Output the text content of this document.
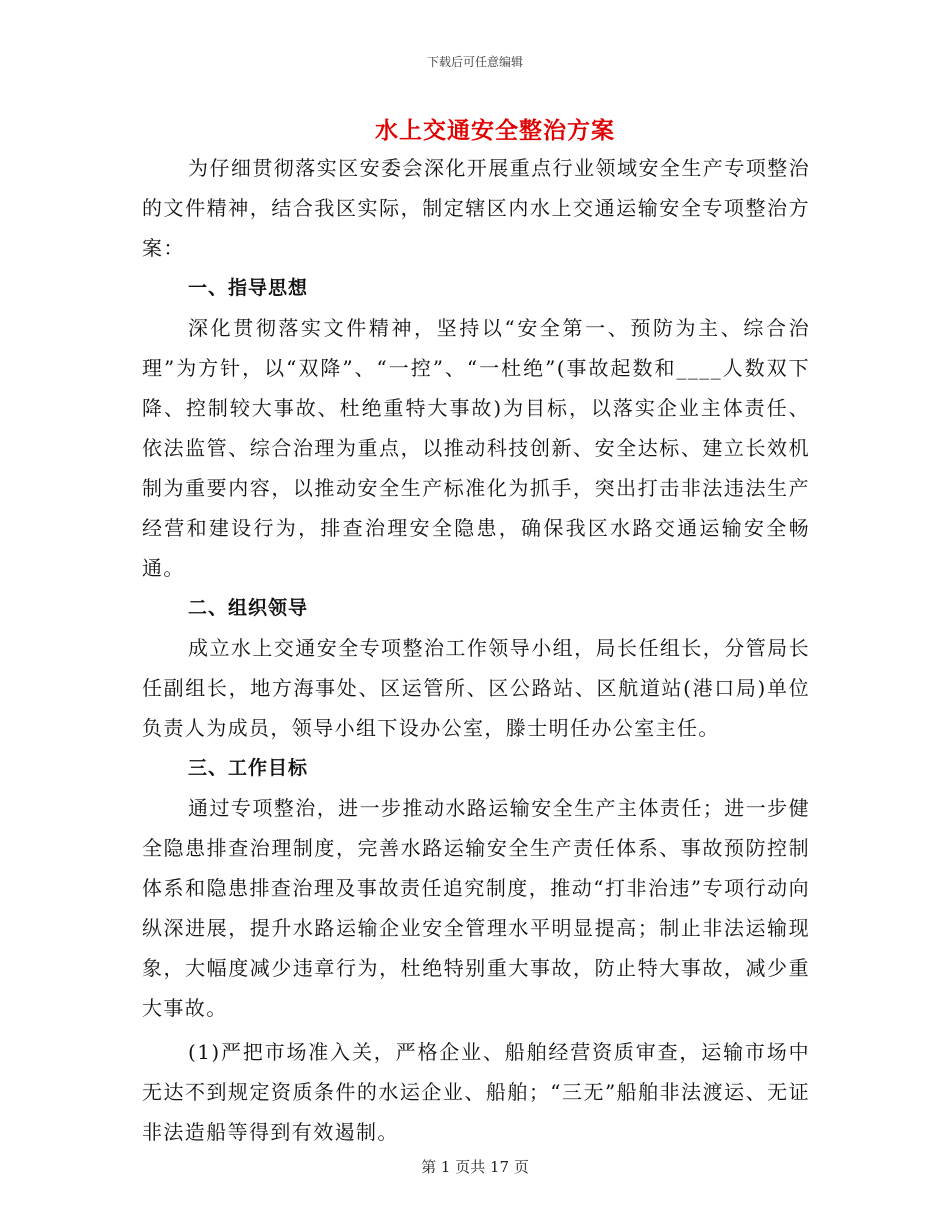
下载后可任意编辑
水上交通安全整治方案

为仔细贯彻落实区安委会深化开展重点行业领域安全生产专项整治的文件精神，结合我区实际，制定辖区内水上交通运输安全专项整治方案：

一、指导思想

深化贯彻落实文件精神，坚持以“安全第一、预防为主、综合治理”为方针，以“双降”、“一控”、“一杜绝”(事故起数和____人数双下降、控制较大事故、杜绝重特大事故)为目标，以落实企业主体责任、依法监管、综合治理为重点，以推动科技创新、安全达标、建立长效机制为重要内容，以推动安全生产标准化为抓手，突出打击非法违法生产经营和建设行为，排查治理安全隐患，确保我区水路交通运输安全畅通。

二、组织领导

成立水上交通安全专项整治工作领导小组，局长任组长，分管局长任副组长，地方海事处、区运管所、区公路站、区航道站(港口局)单位负责人为成员，领导小组下设办公室，滕士明任办公室主任。

三、工作目标

通过专项整治，进一步推动水路运输安全生产主体责任；进一步健全隐患排查治理制度，完善水路运输安全生产责任体系、事故预防控制体系和隐患排查治理及事故责任追究制度，推动“打非治违”专项行动向纵深进展，提升水路运输企业安全管理水平明显提高；制止非法运输现象，大幅度减少违章行为，杜绝特别重大事故，防止特大事故，减少重大事故。

(1)严把市场准入关，严格企业、船舶经营资质审查，运输市场中无达不到规定资质条件的水运企业、船舶；“三无”船舶非法渡运、无证非法造船等得到有效遏制。

第 1 页共 17 页
